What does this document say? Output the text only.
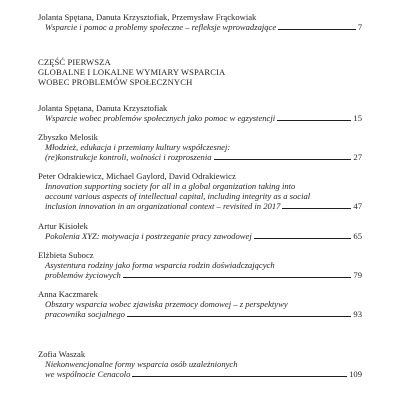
Jolanta Spętana, Danuta Krzysztofiak, Przemysław Frąckowiak
Wsparcie i pomoc a problemy społeczne – refleksje wprowadzające	7
CZĘŚĆ PIERWSZA
GLOBALNE I LOKALNE WYMIARY WSPARCIA
WOBEC PROBLEMÓW SPOŁECZNYCH
Jolanta Spętana, Danuta Krzysztofiak
Wsparcie wobec problemów społecznych jako pomoc w egzystencji	15
Zbyszko Melosik
Młodzież, edukacja i przemiany kultury współczesnej:
(re)konstrukcje kontroli, wolności i rozproszenia	27
Peter Odrakiewicz, Michael Gaylord, David Odrakiewicz
Innovation supporting society for all in a global organization taking into
account various aspects of intellectual capital, including integrity as a social
inclusion innovation in an organizational context – revisited in 2017	47
Artur Kisiołek
Pokolenia XYZ: motywacja i postrzeganie pracy zawodowej	65
Elżbieta Subocz
Asystentura rodziny jako forma wsparcia rodzin doświadczających
problemów życiowych	79
Anna Kaczmarek
Obszary wsparcia wobec zjawiska przemocy domowej – z perspektywy
pracownika socjalnego	93
Zofia Waszak
Niekonwencjonalne formy wsparcia osób uzależnionych
we wspólnocie Cenacolo	109
